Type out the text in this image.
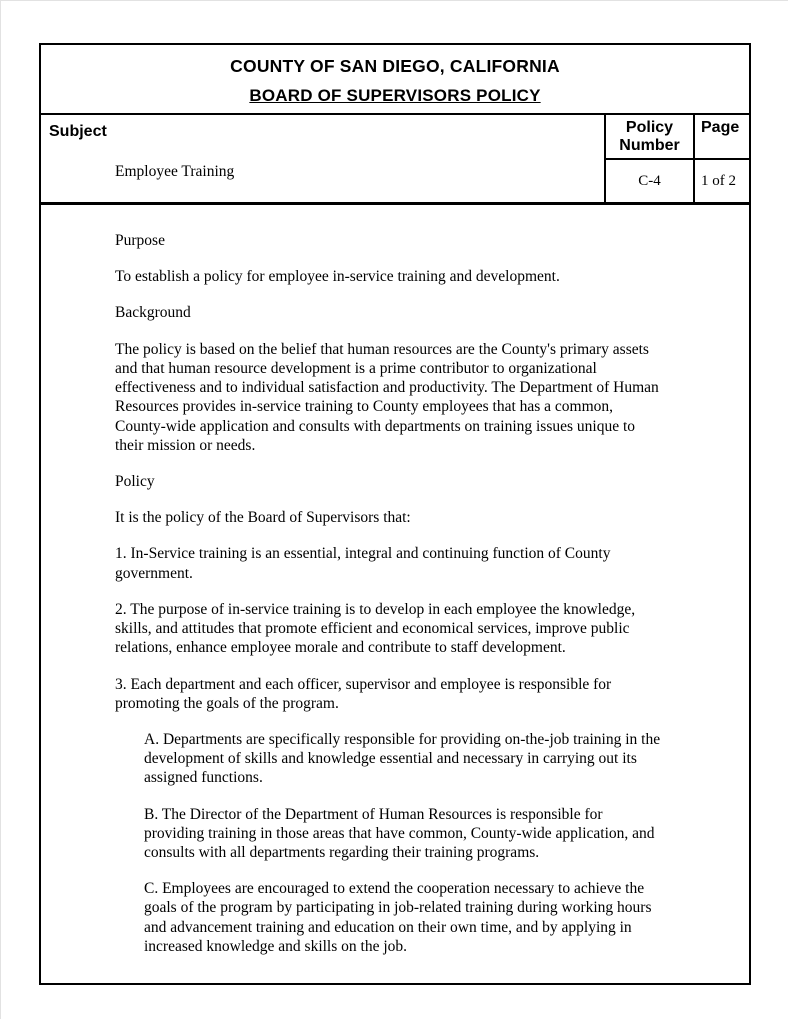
COUNTY OF SAN DIEGO, CALIFORNIA
BOARD OF SUPERVISORS POLICY
Subject
Employee Training
Policy Number
C-4
Page
1 of 2

Purpose

To establish a policy for employee in-service training and development.

Background

The policy is based on the belief that human resources are the County's primary assets and that human resource development is a prime contributor to organizational effectiveness and to individual satisfaction and productivity. The Department of Human Resources provides in-service training to County employees that has a common, County-wide application and consults with departments on training issues unique to their mission or needs.

Policy

It is the policy of the Board of Supervisors that:

1. In-Service training is an essential, integral and continuing function of County government.

2. The purpose of in-service training is to develop in each employee the knowledge, skills, and attitudes that promote efficient and economical services, improve public relations, enhance employee morale and contribute to staff development.

3. Each department and each officer, supervisor and employee is responsible for promoting the goals of the program.

A. Departments are specifically responsible for providing on-the-job training in the development of skills and knowledge essential and necessary in carrying out its assigned functions.

B. The Director of the Department of Human Resources is responsible for providing training in those areas that have common, County-wide application, and consults with all departments regarding their training programs.

C. Employees are encouraged to extend the cooperation necessary to achieve the goals of the program by participating in job-related training during working hours and advancement training and education on their own time, and by applying in increased knowledge and skills on the job.
